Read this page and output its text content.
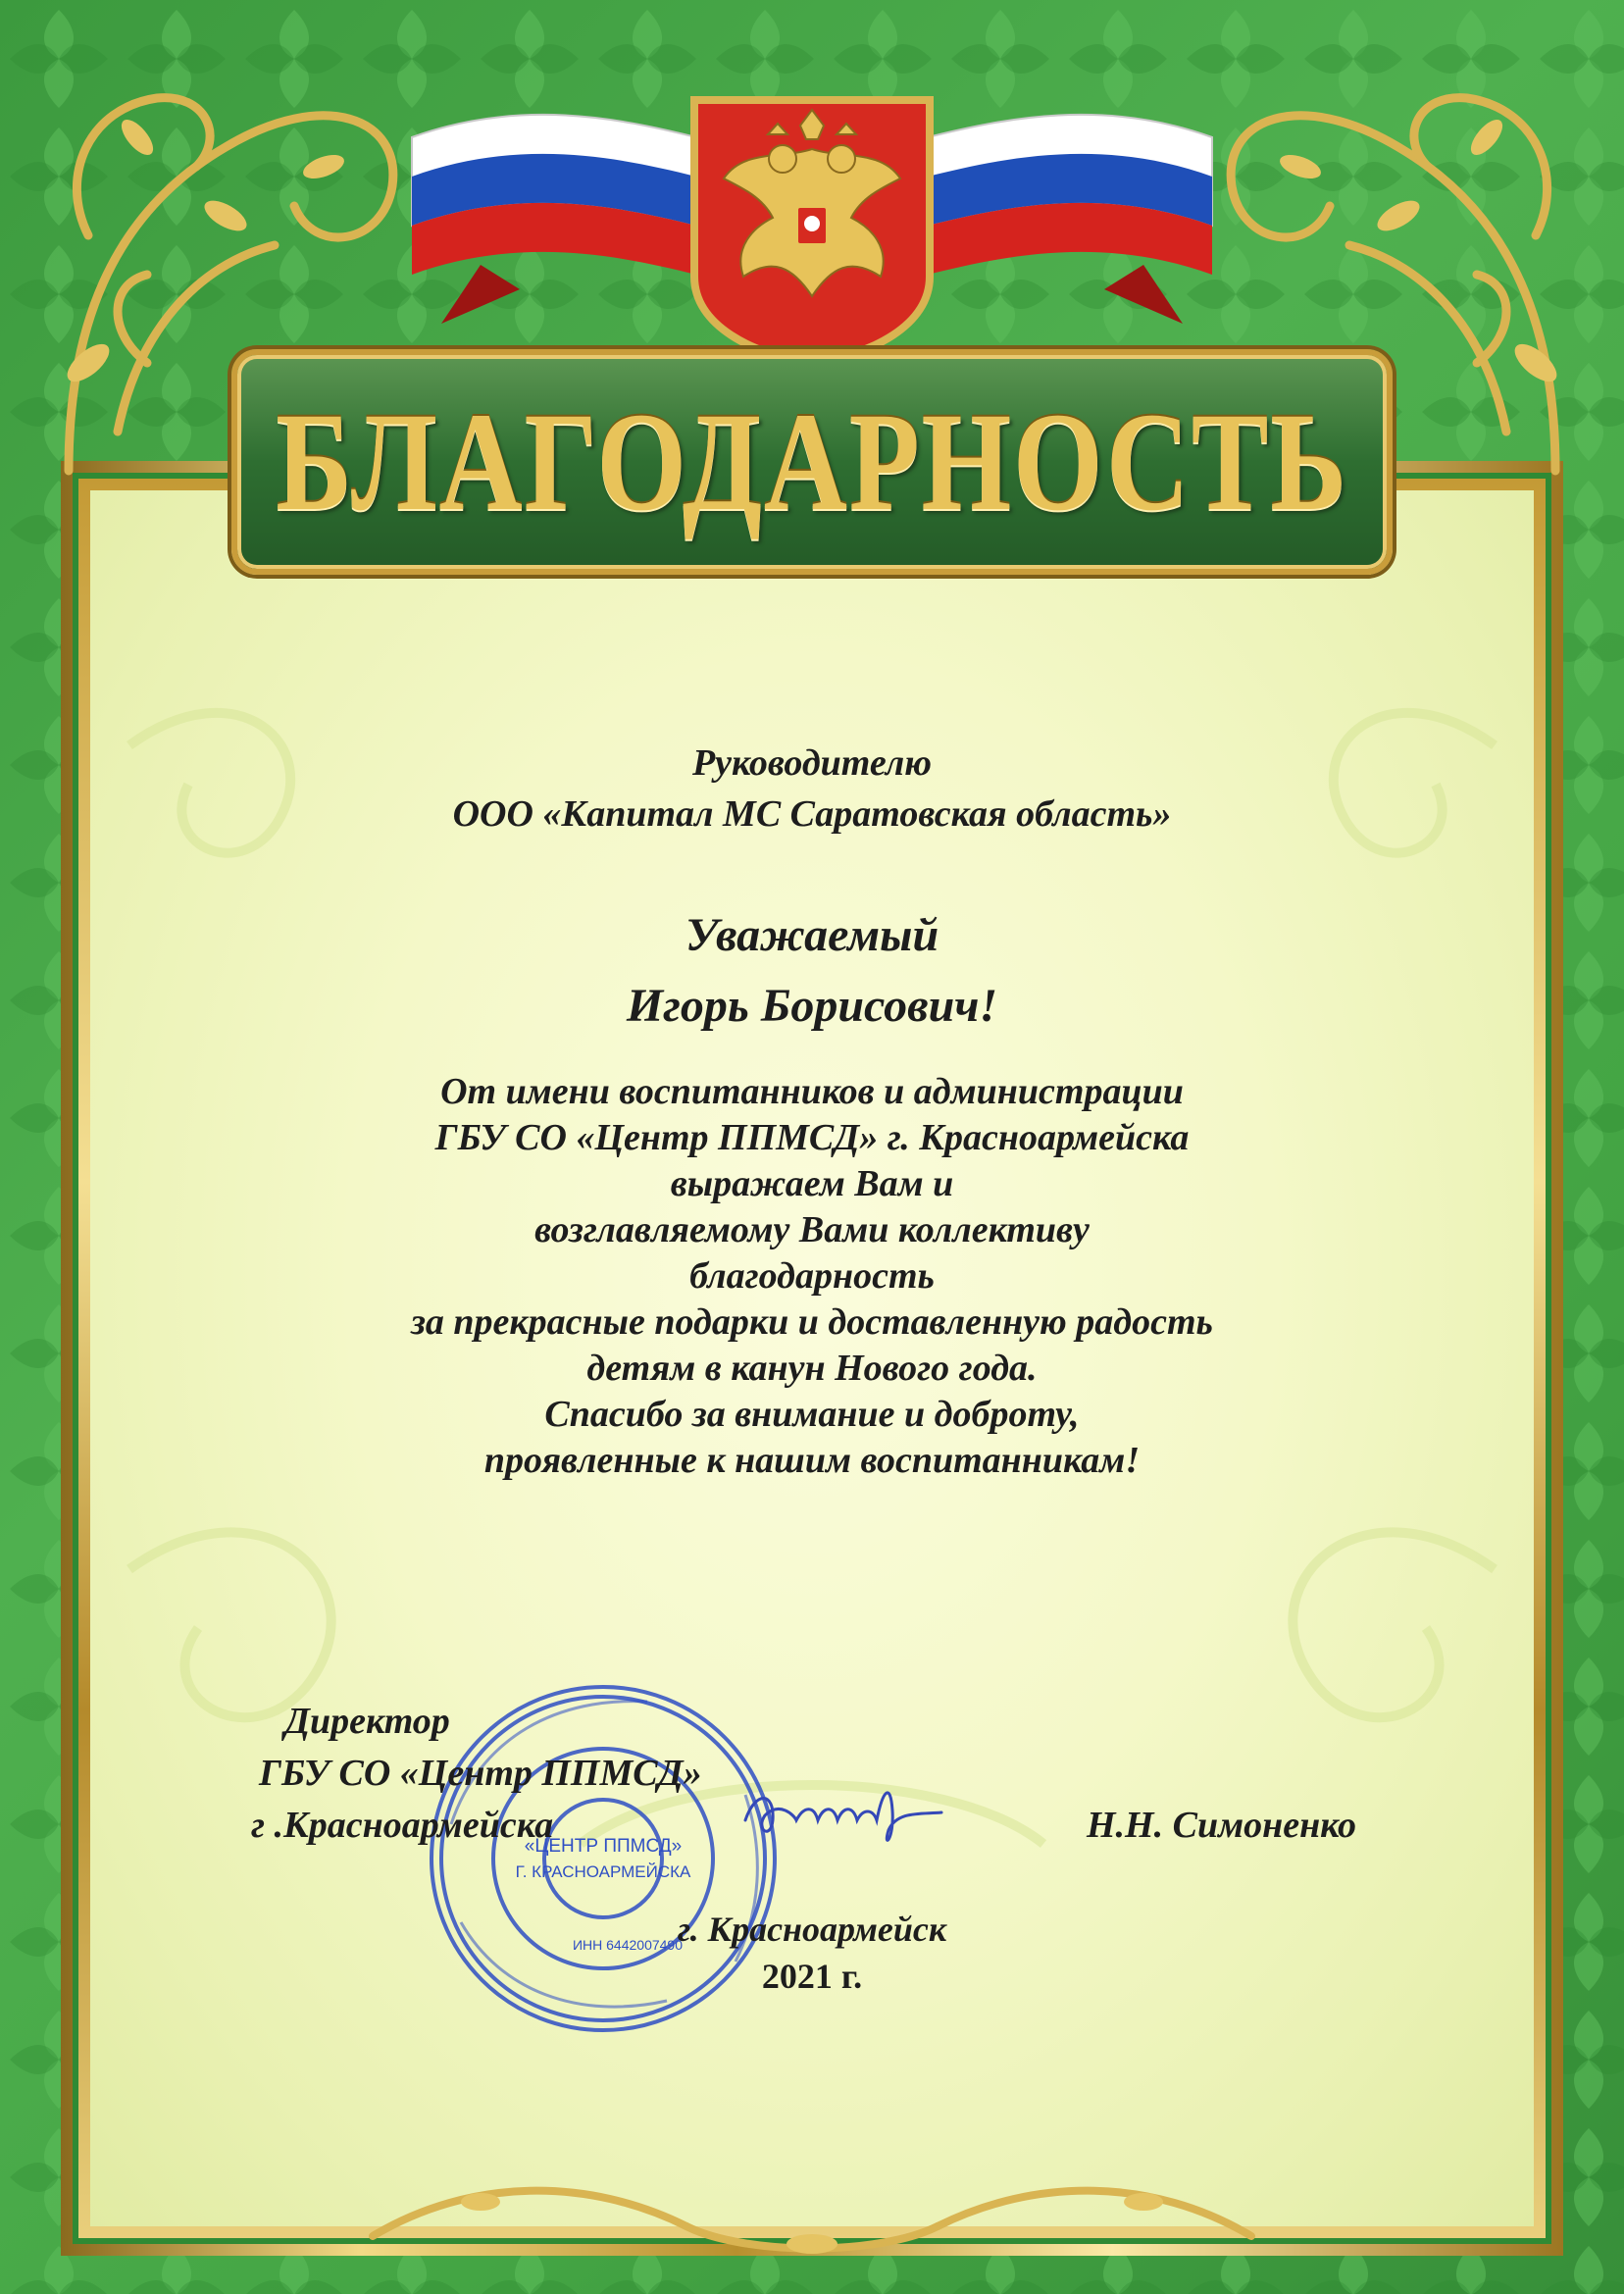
БЛАГОДАРНОСТЬ
Руководителю
ООО «Капитал МС Саратовская область»
Уважаемый
Игорь Борисович!
От имени воспитанников и администрации
ГБУ СО «Центр ППМСД» г. Красноармейска
выражаем Вам и
возглавляемому Вами коллективу
благодарность
за прекрасные подарки и доставленную радость
детям в канун Нового года.
Спасибо за внимание и доброту,
проявленные к нашим воспитанникам!
«ЦЕНТР ППМСД»
Г. КРАСНОАРМЕЙСКА
ИНН 6442007490
Директор
ГБУ СО «Центр ППМСД»
г .Красноармейска	Н.Н. Симоненко
г. Красноармейск
2021 г.
